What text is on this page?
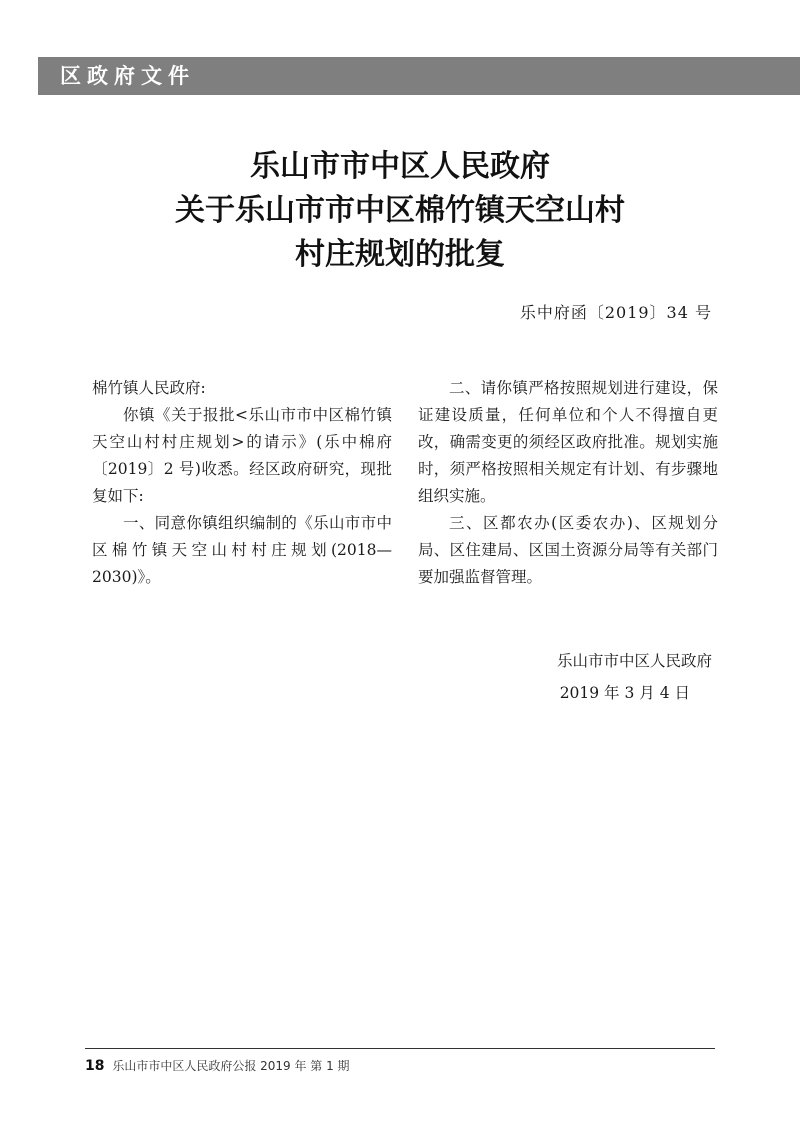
区政府文件
乐山市市中区人民政府
关于乐山市市中区棉竹镇天空山村
村庄规划的批复
乐中府函〔2019〕34 号

棉竹镇人民政府:

你镇《关于报批<乐山市市中区棉竹镇天空山村村庄规划>的请示》(乐中棉府〔2019〕2 号)收悉。经区政府研究，现批复如下:

一、同意你镇组织编制的《乐山市市中区棉竹镇天空山村村庄规划(2018—2030)》。

二、请你镇严格按照规划进行建设，保证建设质量，任何单位和个人不得擅自更改，确需变更的须经区政府批准。规划实施时，须严格按照相关规定有计划、有步骤地组织实施。

三、区都农办(区委农办)、区规划分局、区住建局、区国土资源分局等有关部门要加强监督管理。

乐山市市中区人民政府
2019 年 3 月 4 日
18 乐山市市中区人民政府公报 2019 年 第 1 期
